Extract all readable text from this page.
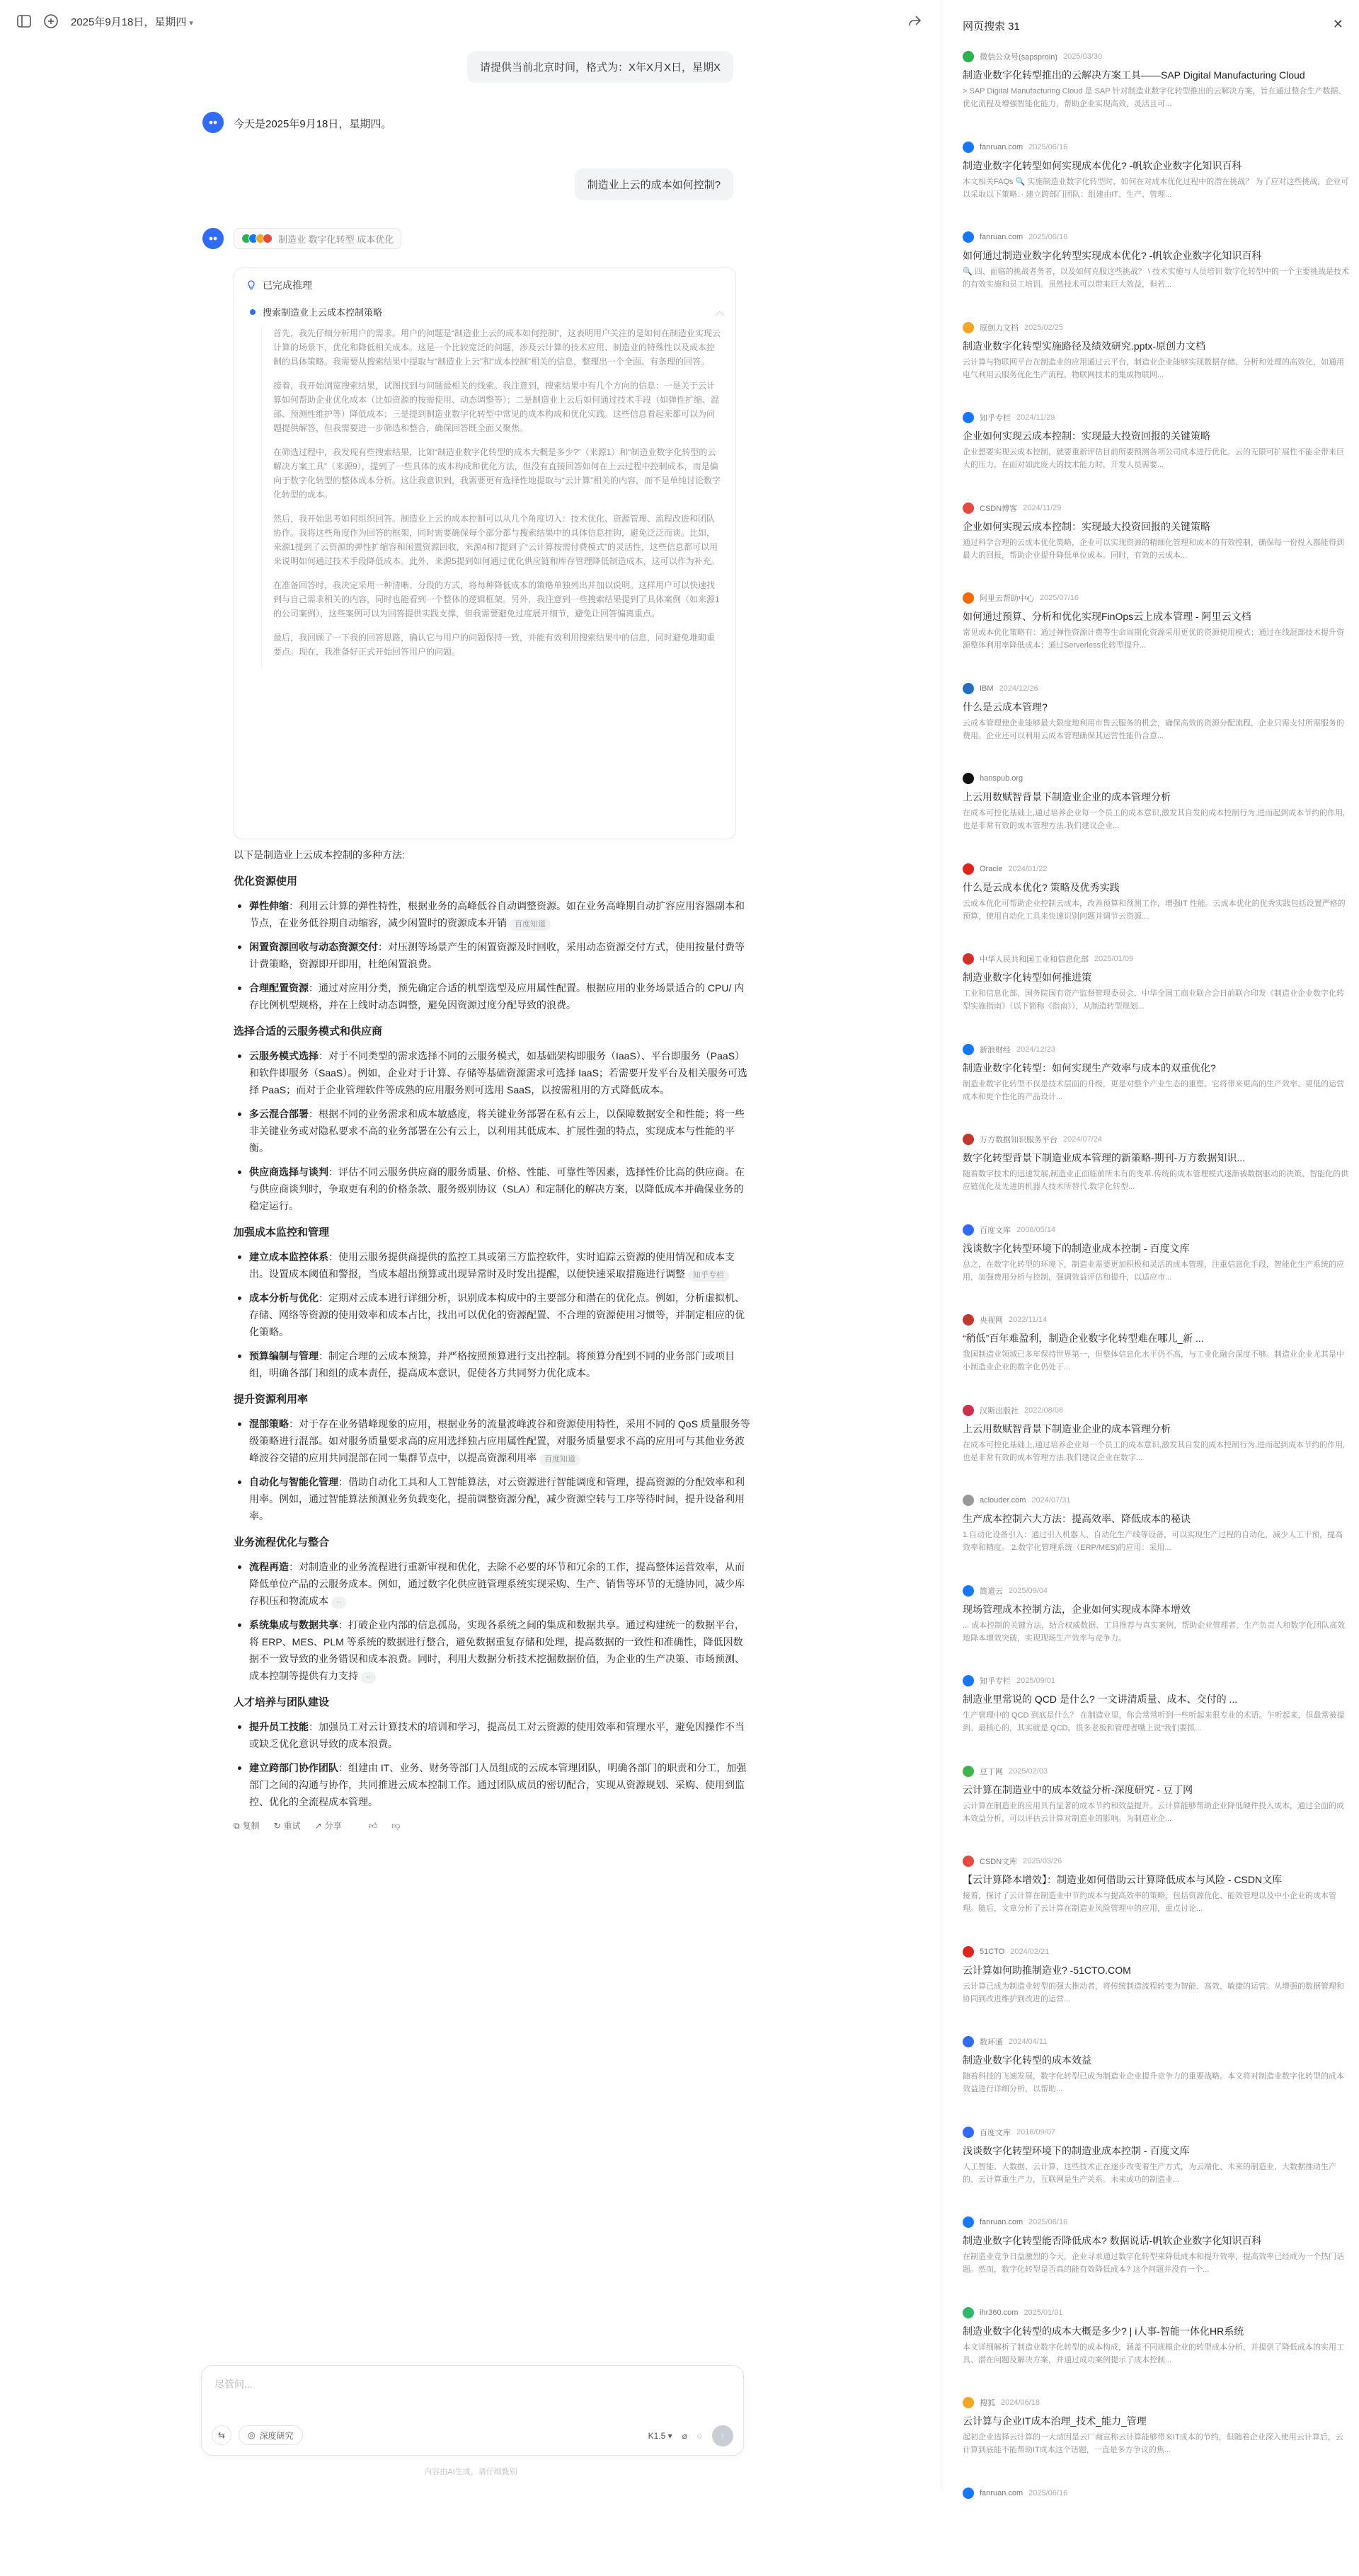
2025年9月18日，星期四 ▾
请提供当前北京时间，格式为：X年X月X日，星期X
今天是2025年9月18日，星期四。
制造业上云的成本如何控制?
制造业 数字化转型 成本优化
已完成推理
搜索制造业上云成本控制策略	︿

首先，我先仔细分析用户的需求。用户的问题是“制造业上云的成本如何控制”，这表明用户关注的是如何在制造业实现云计算的场景下，优化和降低相关成本。这是一个比较宽泛的问题，涉及云计算的技术应用、制造业的特殊性以及成本控制的具体策略。我需要从搜索结果中提取与“制造业上云”和“成本控制”相关的信息，整理出一个全面、有条理的回答。

接着，我开始浏览搜索结果，试图找到与问题最相关的线索。我注意到，搜索结果中有几个方向的信息：一是关于云计算如何帮助企业优化成本（比如资源的按需使用、动态调整等）；二是制造业上云后如何通过技术手段（如弹性扩缩、混部、预测性维护等）降低成本；三是提到制造业数字化转型中常见的成本构成和优化实践。这些信息看起来都可以为问题提供解答，但我需要进一步筛选和整合，确保回答既全面又聚焦。

在筛选过程中，我发现有些搜索结果，比如“制造业数字化转型的成本大概是多少?”（来源1）和“制造业数字化转型的云解决方案工具”（来源9），提到了一些具体的成本构成和优化方法，但没有直接回答如何在上云过程中控制成本，而是偏向于数字化转型的整体成本分析。这让我意识到，我需要更有选择性地提取与“云计算”相关的内容，而不是单纯讨论数字化转型的成本。

然后，我开始思考如何组织回答。制造业上云的成本控制可以从几个角度切入：技术优化、资源管理、流程改进和团队协作。我将这些角度作为回答的框架，同时需要确保每个部分都与搜索结果中的具体信息挂钩，避免泛泛而谈。比如，来源1提到了云资源的弹性扩缩容和闲置资源回收，来源4和7提到了“云计算按需付费模式”的灵活性，这些信息都可以用来说明如何通过技术手段降低成本。此外，来源5提到如何通过优化供应链和库存管理降低制造成本，这可以作为补充。

在准备回答时，我决定采用一种清晰、分段的方式，将每种降低成本的策略单独列出并加以说明。这样用户可以快速找到与自己需求相关的内容，同时也能看到一个整体的逻辑框架。另外，我注意到一些搜索结果提到了具体案例（如来源1的公司案例），这些案例可以为回答提供实践支撑，但我需要避免过度展开细节，避免让回答偏离重点。

最后，我回顾了一下我的回答思路，确认它与用户的问题保持一致，并能有效利用搜索结果中的信息，同时避免堆砌重要点。现在，我准备好正式开始回答用户的问题。

以下是制造业上云成本控制的多种方法:
优化资源使用
弹性伸缩：利用云计算的弹性特性，根据业务的高峰低谷自动调整资源。如在业务高峰期自动扩容应用容器副本和节点，在业务低谷期自动缩容，减少闲置时的资源成本开销 百度知道
闲置资源回收与动态资源交付：对压测等场景产生的闲置资源及时回收，采用动态资源交付方式，使用按量付费等计费策略，资源即开即用，杜绝闲置浪费。
合理配置资源：通过对应用分类，预先确定合适的机型选型及应用属性配置。根据应用的业务场景适合的 CPU/ 内存比例机型规格，并在上线时动态调整，避免因资源过度分配导致的浪费。
选择合适的云服务模式和供应商
云服务模式选择：对于不同类型的需求选择不同的云服务模式，如基础架构即服务（IaaS）、平台即服务（PaaS）和软件即服务（SaaS）。例如，企业对于计算、存储等基础资源需求可选择 IaaS；若需要开发平台及相关服务可选择 PaaS；而对于企业管理软件等成熟的应用服务则可选用 SaaS，以按需租用的方式降低成本。
多云混合部署：根据不同的业务需求和成本敏感度，将关键业务部署在私有云上，以保障数据安全和性能；将一些非关键业务或对隐私要求不高的业务部署在公有云上，以利用其低成本、扩展性强的特点，实现成本与性能的平衡。
供应商选择与谈判：评估不同云服务供应商的服务质量、价格、性能、可靠性等因素，选择性价比高的供应商。在与供应商谈判时，争取更有利的价格条款、服务级别协议（SLA）和定制化的解决方案，以降低成本并确保业务的稳定运行。
加强成本监控和管理
建立成本监控体系：使用云服务提供商提供的监控工具或第三方监控软件，实时追踪云资源的使用情况和成本支出。设置成本阈值和警报，当成本超出预算或出现异常时及时发出提醒，以便快速采取措施进行调整 知乎专栏
成本分析与优化：定期对云成本进行详细分析，识别成本构成中的主要部分和潜在的优化点。例如，分析虚拟机、存储、网络等资源的使用效率和成本占比，找出可以优化的资源配置、不合理的资源使用习惯等，并制定相应的优化策略。
预算编制与管理：制定合理的云成本预算，并严格按照预算进行支出控制。将预算分配到不同的业务部门或项目组，明确各部门和组的成本责任，提高成本意识，促使各方共同努力优化成本。
提升资源利用率
混部策略：对于存在业务错峰现象的应用，根据业务的流量波峰波谷和资源使用特性，采用不同的 QoS 质量服务等级策略进行混部。如对服务质量要求高的应用选择独占应用属性配置，对服务质量要求不高的应用可与其他业务波峰波谷交错的应用共同混部在同一集群节点中，以提高资源利用率 百度知道
自动化与智能化管理：借助自动化工具和人工智能算法，对云资源进行智能调度和管理，提高资源的分配效率和利用率。例如，通过智能算法预测业务负载变化，提前调整资源分配，减少资源空转与工序等待时间，提升设备利用率。
业务流程优化与整合
流程再造：对制造业的业务流程进行重新审视和优化，去除不必要的环节和冗余的工作，提高整体运营效率，从而降低单位产品的云服务成本。例如，通过数字化供应链管理系统实现采购、生产、销售等环节的无缝协同，减少库存积压和物流成本 ··
系统集成与数据共享：打破企业内部的信息孤岛，实现各系统之间的集成和数据共享。通过构建统一的数据平台，将 ERP、MES、PLM 等系统的数据进行整合，避免数据重复存储和处理，提高数据的一致性和准确性，降低因数据不一致导致的业务错误和成本浪费。同时，利用大数据分析技术挖掘数据价值，为企业的生产决策、市场预测、成本控制等提供有力支持 ··
人才培养与团队建设
提升员工技能：加强员工对云计算技术的培训和学习，提高员工对云资源的使用效率和管理水平，避免因操作不当或缺乏优化意识导致的成本浪费。
建立跨部门协作团队：组建由 IT、业务、财务等部门人员组成的云成本管理团队，明确各部门的职责和分工，加强部门之间的沟通与协作，共同推进云成本控制工作。通过团队成员的密切配合，实现从资源规划、采购、使用到监控、优化的全流程成本管理。
⧉ 复制 ↻ 重试 ↗ 分享	👍︎ 👎︎
尽管问...
⇆	◎ 深度研究	K1.5 ▾ ⌀ ◌ ↑
内容由AI生成，请仔细甄别
网页搜索 31	✕
微信公众号(sapsproin) 2025/03/30
制造业数字化转型推出的云解决方案工具——SAP Digital Manufacturing Cloud
> SAP Digital Manufacturing Cloud 是 SAP 针对制造业数字化转型推出的云解决方案，旨在通过整合生产数据、优化流程及增强智能化能力，帮助企业实现高效、灵活且可...
fanruan.com 2025/06/16
制造业数字化转型如何实现成本优化? -帆软企业数字化知识百科
本文相关FAQs 🔍 实施制造业数字化转型时，如何在对成本优化过程中的潜在挑战？ 为了应对这些挑战，企业可以采取以下策略：· 建立跨部门团队：组建由IT、生产、管理...
fanruan.com 2025/06/16
如何通过制造业数字化转型实现成本优化? -帆软企业数字化知识百科
🔍 四、面临的挑战者务者，以及如何克服这些挑战？ \ 技术实施与人员培训 数字化转型中的一个主要挑战是技术的有效实施和员工培训。虽然技术可以带来巨大效益，但若...
原创力文档 2025/02/25
制造业数字化转型实施路径及绩效研究.pptx-原创力文档
云计算与物联网平台在制造业的应用通过云平台，制造业企业能够实现数据存储、分析和处理的高效化，如通用电气利用云服务优化生产流程，物联网技术的集成物联网...
知乎专栏 2024/11/29
企业如何实现云成本控制：实现最大投资回报的关键策略
企业想要实现云成本控制，就要重新评估目前所要预测各项公司成本进行优化。云的无限可扩展性不能全带来巨大的压力，在面对如此庞大的技术能力时，开发人员需要...
CSDN博客 2024/11/29
企业如何实现云成本控制：实现最大投资回报的关键策略
通过科学合理的云成本优化策略，企业可以实现资源的精细化管理和成本的有效控制，确保每一份投入都能得到最大的回报，帮助企业提升降低单位成本。同时，有效的云成本...
阿里云帮助中心 2025/07/16
如何通过预算、分析和优化实现FinOps云上成本管理 - 阿里云文档
常见成本优化策略有：通过弹性资源计费等生命周期化资源采用更优的资源使用模式；通过在线混部技术提升资源整体利用率降低成本；通过Serverless化转型提升...
IBM 2024/12/26
什么是云成本管理?
云成本管理使企业能够最大限度地利用市售云服务的机会，确保高效的资源分配流程，企业只需支付所需服务的费用。企业还可以利用云成本管理确保其运营性能仍合意...
hanspub.org
上云用数赋智背景下制造业企业的成本管理分析
在成本可控化基础上,通过培养企业每一个员工的成本意识,激发其自发的成本控制行为,进而起到成本节约的作用,也是非常有效的成本管理方法.我们建议企业...
Oracle 2024/01/22
什么是云成本优化? 策略及优秀实践
云成本优化可帮助企业控制云成本，改善预算和预测工作，增强IT 性能。云成本优化的优秀实践包括设置严格的预算，使用自动化工具来快速识别问题并调节云资源...
中华人民共和国工业和信息化部 2025/01/09
制造业数字化转型如何推进策
工业和信息化部、国务院国有资产监督管理委员会、中华全国工商业联合会日前联合印发《制造业企业数字化转型实施指南》（以下简称《指南》），从制造转型规划...
新浪财经 2024/12/23
制造业数字化转型：如何实现生产效率与成本的双重优化?
制造业数字化转型不仅是技术层面的升级，更是对整个产业生态的重塑。它将带来更高的生产效率、更低的运营成本和更个性化的产品设计...
万方数据知识服务平台 2024/07/24
数字化转型背景下制造业成本管理的新策略-期刊-万方数据知识...
随着数字技术的迅速发展,制造业正面临前所未有的变革.传统的成本管理模式逐渐被数据驱动的决策、智能化的供应链优化及先进的机器人技术所替代.数字化转型...
百度文库 2008/05/14
浅谈数字化转型环境下的制造业成本控制 - 百度文库
总之，在数字化转型的环境下，制造业需要更加积极和灵活的成本管理，注重信息化手段，智能化生产系统的应用，加强费用分析与控制，强调效益评估和提升，以适应市...
央视网 2022/11/14
“稍低”百年难盈利，制造企业数字化转型难在哪儿_新 ...
我国制造业领域已多年保持世界第一，但整体信息化水平仍不高，与工业化融合深度不够。制造业企业尤其是中小制造业企业的数字化仍处于...
汉斯出版社 2022/08/08
上云用数赋智背景下制造业企业的成本管理分析
在成本可控化基础上,通过培养企业每一个员工的成本意识,激发其自发的成本控制行为,进而起到成本节约的作用,也是非常有效的成本管理方法.我们建议企业在数字...
aclouder.com 2024/07/31
生产成本控制六大方法：提高效率、降低成本的秘诀
1.自动化设备引入：通过引入机器人、自动化生产线等设备，可以实现生产过程的自动化，减少人工干预，提高效率和精度。 2.数字化管理系统（ERP/MES)的应用：采用...
简道云 2025/09/04
现场管理成本控制方法，企业如何实现成本降本增效
... 成本控制的关键方法，结合权威数据、工具推荐与真实案例，帮助企业管理者、生产负责人和数字化团队高效地降本增效突破，实现现场生产效率与竞争力。
知乎专栏 2025/09/01
制造业里常说的 QCD 是什么? 一文讲清质量、成本、交付的 ...
生产管理中的 QCD 到底是什么？ 在制造业里，你会常常听到一些听起来很专业的术语。乍听起来，但最常被提到、最核心的，其实就是 QCD。很多老板和管理者嘴上说“我们要抓...
豆丁网 2025/02/03
云计算在制造业中的成本效益分析-深度研究 - 豆丁网
云计算在制造业的应用具有显著的成本节约和效益提升。云计算能够帮助企业降低硬件投入成本，通过全面的成本效益分析，可以评估云计算对制造业的影响。为制造业企...
CSDN文库 2025/03/26
【云计算降本增效】：制造业如何借助云计算降低成本与风险 - CSDN文库
接着，探讨了云计算在制造业中节约成本与提高效率的策略，包括资源优化、能效管理以及中小企业的成本管理。随后，文章分析了云计算在制造业风险管理中的应用，重点讨论...
51CTO 2024/02/21
云计算如何助推制造业? -51CTO.COM
云计算已成为制造业转型的强大推动者，将传统制造流程转变为智能、高效、敏捷的运营。从增强的数据管理和协同到改进维护到改进的运营...
数环通 2024/04/11
制造业数字化转型的成本效益
随着科技的飞速发展，数字化转型已成为制造业企业提升竞争力的重要战略。本文将对制造业数字化转型的成本效益进行详细分析，以帮助...
百度文库 2018/09/07
浅谈数字化转型环境下的制造业成本控制 - 百度文库
人工智能、大数据、云计算，这些技术正在逐步改变着生产方式，为云端化、未来的制造业，大数据推动生产的、云计算重生产力，互联网是生产关系。未来成功的制造业...
fanruan.com 2025/06/16
制造业数字化转型能否降低成本? 数据说话-帆软企业数字化知识百科
在制造业竞争日益激烈的今天，企业寻求通过数字化转型来降低成本和提升效率，提高效率已经成为一个热门话题。然而，数字化转型是否真的能有效降低成本? 这个问题并没有一个...
ihr360.com 2025/01/01
制造业数字化转型的成本大概是多少? | i人事-智能一体化HR系统
本文详细解析了制造业数字化转型的成本构成，涵盖不同规模企业的转型成本分析，并提供了降低成本的实用工具、潜在问题及解决方案，并通过成功案例提示了成本控制...
搜狐 2024/06/18
云计算与企业IT成本治理_技术_能力_管理
起初企业选择云计算的一大动因是云厂商宣称云计算能够带来IT成本的节约，但随着企业深入使用云计算后，云计算到底能不能帮助IT成本这个话题，一直是多方争议的焦...
fanruan.com 2025/06/16
